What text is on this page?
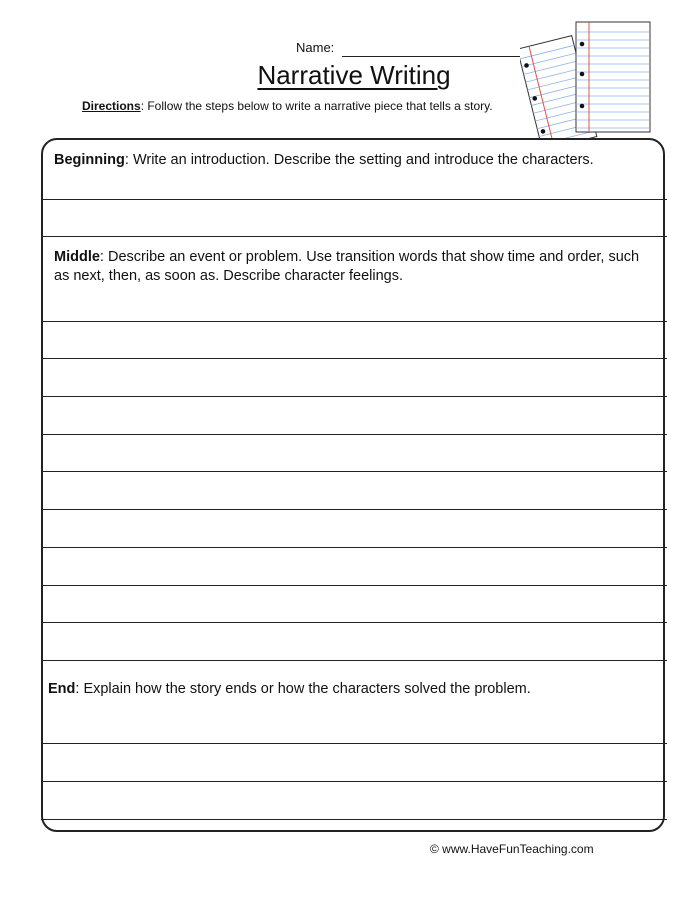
Name:
Narrative Writing
Directions: Follow the steps below to write a narrative piece that tells a story.
Beginning: Write an introduction. Describe the setting and introduce the characters.
Middle: Describe an event or problem. Use transition words that show time and order, such as next, then, as soon as. Describe character feelings.
End: Explain how the story ends or how the characters solved the problem.
© www.HaveFunTeaching.com
